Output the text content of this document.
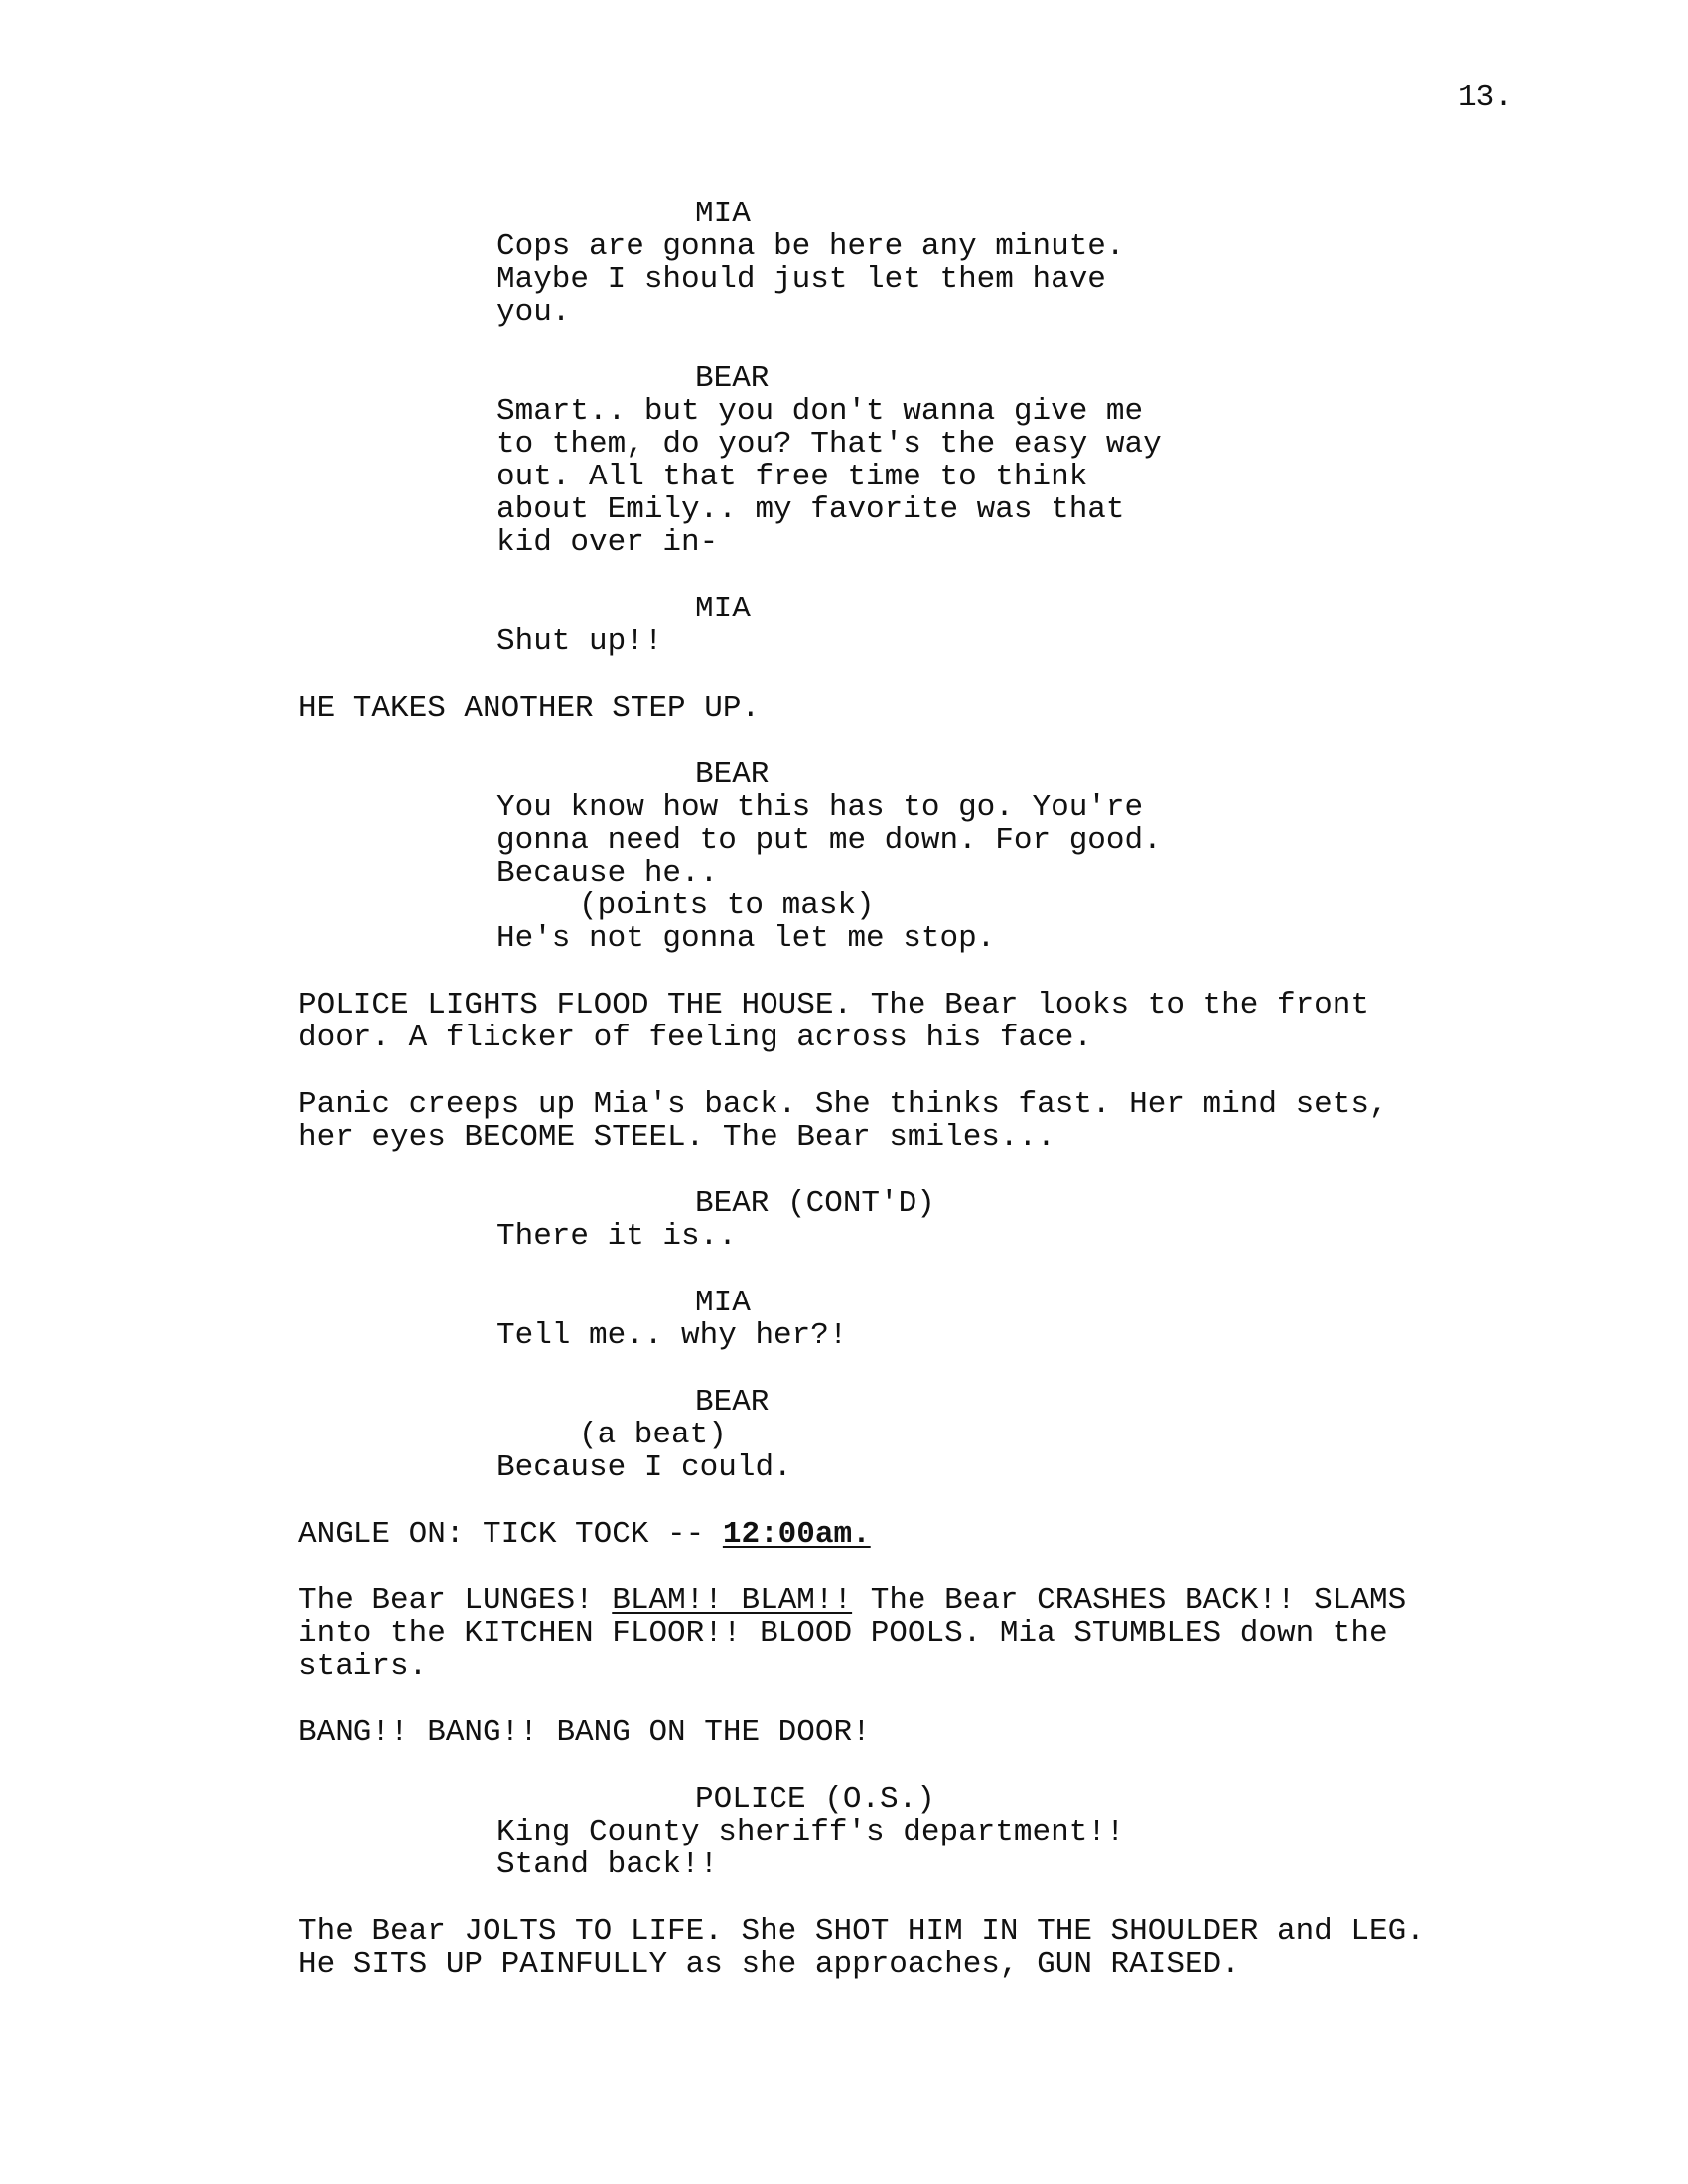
13.
MIA
Cops are gonna be here any minute.
Maybe I should just let them have
you.
BEAR
Smart.. but you don't wanna give me
to them, do you? That's the easy way
out. All that free time to think
about Emily.. my favorite was that
kid over in-
MIA
Shut up!!
HE TAKES ANOTHER STEP UP.
BEAR
You know how this has to go. You're
gonna need to put me down. For good.
Because he..
(points to mask)
He's not gonna let me stop.
POLICE LIGHTS FLOOD THE HOUSE. The Bear looks to the front
door. A flicker of feeling across his face.
Panic creeps up Mia's back. She thinks fast. Her mind sets,
her eyes BECOME STEEL. The Bear smiles...
BEAR (CONT'D)
There it is..
MIA
Tell me.. why her?!
BEAR
(a beat)
Because I could.
ANGLE ON: TICK TOCK -- 12:00am.
The Bear LUNGES! BLAM!! BLAM!! The Bear CRASHES BACK!! SLAMS
into the KITCHEN FLOOR!! BLOOD POOLS. Mia STUMBLES down the
stairs.
BANG!! BANG!! BANG ON THE DOOR!
POLICE (O.S.)
King County sheriff's department!!
Stand back!!
The Bear JOLTS TO LIFE. She SHOT HIM IN THE SHOULDER and LEG.
He SITS UP PAINFULLY as she approaches, GUN RAISED.
